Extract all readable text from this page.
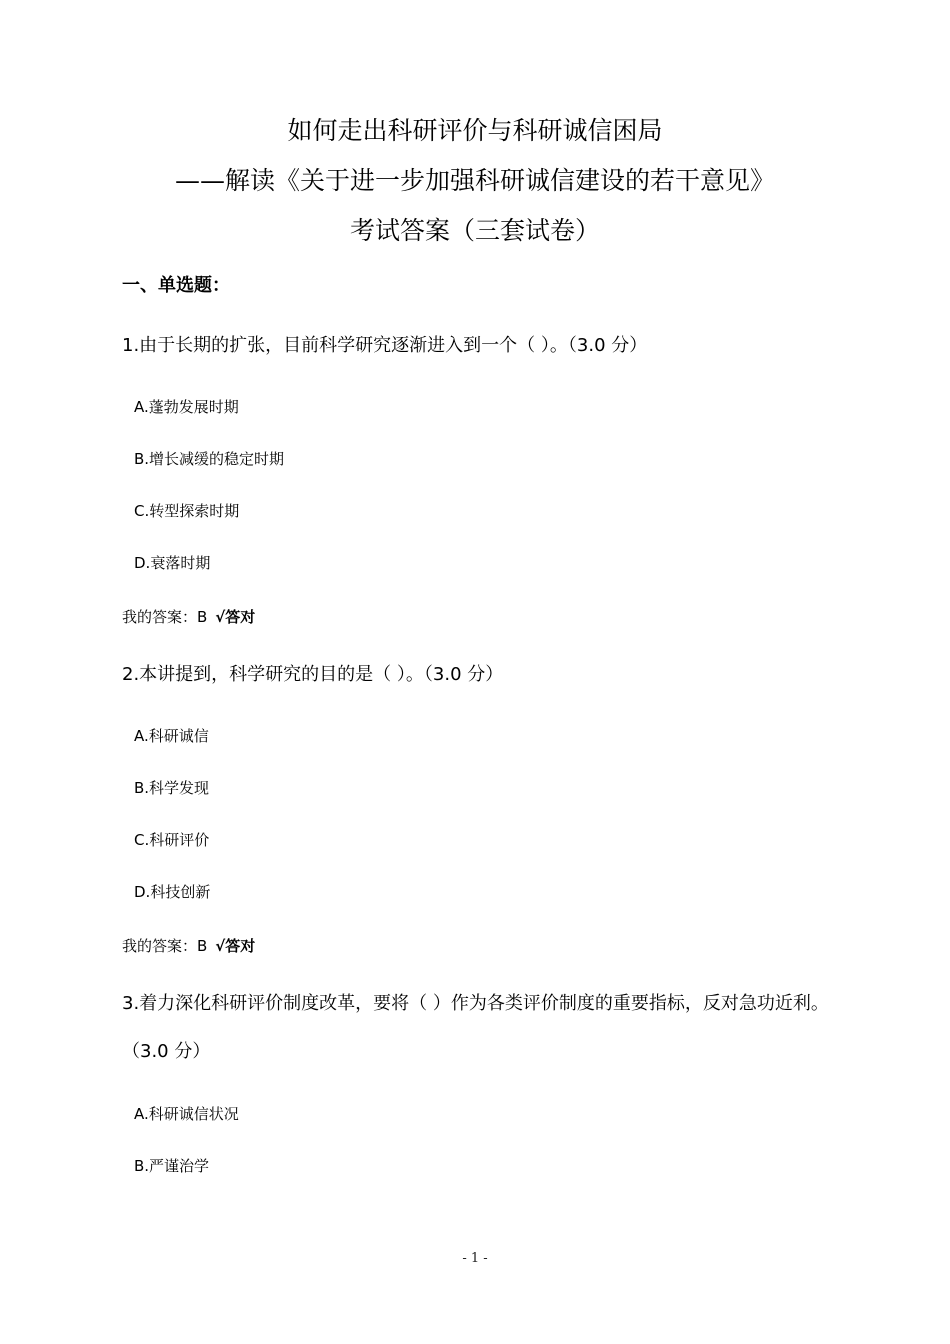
如何走出科研评价与科研诚信困局
——解读《关于进一步加强科研诚信建设的若干意见》
考试答案（三套试卷）
一、单选题：
1.由于长期的扩张，目前科学研究逐渐进入到一个（ ）。（3.0 分）
A.蓬勃发展时期
B.增长减缓的稳定时期
C.转型探索时期
D.衰落时期
我的答案：B √答对
2.本讲提到，科学研究的目的是（ ）。（3.0 分）
A.科研诚信
B.科学发现
C.科研评价
D.科技创新
我的答案：B √答对
3.着力深化科研评价制度改革，要将（ ）作为各类评价制度的重要指标，反对急功近利。（3.0 分）
A.科研诚信状况
B.严谨治学
- 1 -
